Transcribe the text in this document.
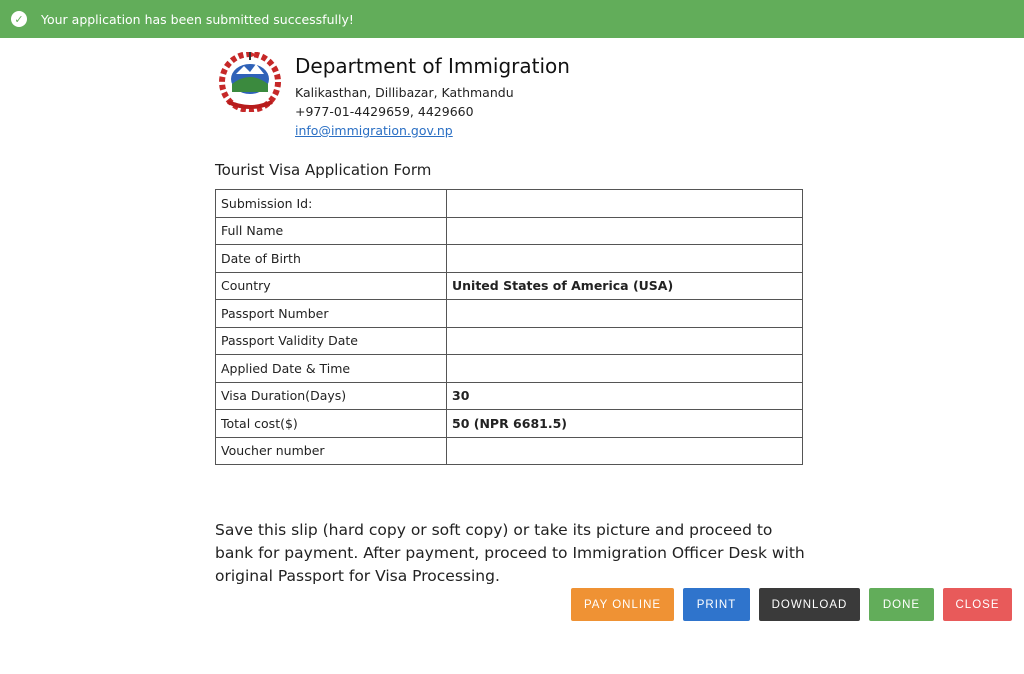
✓ Your application has been submitted successfully!
Department of Immigration
Kalikasthan, Dillibazar, Kathmandu
+977-01-4429659, 4429660
info@immigration.gov.np
Tourist Visa Application Form
Submission Id:	
Full Name	
Date of Birth	
Country	United States of America (USA)
Passport Number	
Passport Validity Date	
Applied Date & Time	
Visa Duration(Days)	30
Total cost($)	50 (NPR 6681.5)
Voucher number	
Save this slip (hard copy or soft copy) or take its picture and proceed to bank for payment. After payment, proceed to Immigration Officer Desk with original Passport for Visa Processing.
PAY ONLINE	PRINT	DOWNLOAD	DONE	CLOSE
